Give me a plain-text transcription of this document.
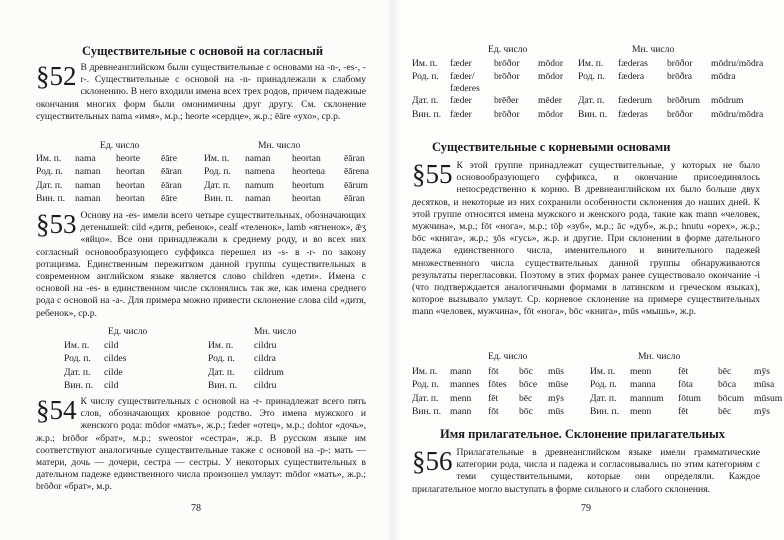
Существительные с основой на согласный
§52 В древнеанглийском были существительные с основами на -n-, -es-, -r-. Существительные с основой на -n- принадлежали к слабому склонению. В него входили имена всех трех родов, причем падежные окончания многих форм были омонимичны друг другу. См. склонение существительных nama «имя», м.р.; heorte «сердце», ж.р.; ēāre «ухо», ср.р.
Ед. число	Мн. число
Им. п.	nama	heorte	ēāre	Им. п.	naman	heortan	ēāran
Род. п.	naman	heortan	ēāran	Род. п.	namena	heortena	ēārena
Дат. п.	naman	heortan	ēāran	Дат. п.	namum	heortum	ēārum
Вин. п.	naman	heortan	ēāre	Вин. п.	naman	heortan	ēāran
§53 Основу на -es- имели всего четыре существительных, обозначающих детенышей: cild «дитя, ребенок», cealf «теленок», lamb «ягненок», ǣʒ «яйцо». Все они принадлежали к среднему роду, и во всех них согласный основообразующего суффикса перешел из -s- в -r- по закону ротацизма. Единственным пережитком данной группы существительных в современном английском языке является слово children «дети». Имена с основой на -es- в единственном числе склонялись так же, как имена среднего рода с основой на -а-. Для примера можно привести склонение слова cild «дитя, ребенок», ср.р.
Ед. число	Мн. число
Им. п.	cild	Им. п.	cildru
Род. п.	cildes	Род. п.	cildra
Дат. п.	cilde	Дат. п.	cildrum
Вин. п.	cild	Вин. п.	cildru
§54 К числу существительных с основой на -r- принадлежат всего пять слов, обозначающих кровное родство. Это имена мужского и женского рода: mōdor «мать», ж.р.; fæder «отец», м.р.; dohtor «дочь», ж.р.; brōðor «брат», м.р.; sweostor «сестра», ж.р. В русском языке им соответствуют аналогичные существительные также с основой на -р-: мать — матери, дочь — дочери, сестра — сестры. У некоторых существительных в дательном падеже единственного числа произошел умлаут: mōdor «мать», ж.р.; brōðor «брат», м.р.
78
Ед. число	Мн. число
Им. п.	fæder	brōðor	mōdor	Им. п.	fæderas	brōðor	mōdru/mōdra
Род. п.	fæder/ fæderes	brōðor	mōdor	Род. п.	fædera	brōðra	mōdra
Дат. п.	fæder	brēðer	mēder	Дат. п.	fæderum	brōðrum	mōdrum
Вин. п.	fæder	brōðor	mōdor	Вин. п.	fæderas	brōðor	mōdru/mōdra
Существительные с корневыми основами
§55 К этой группе принадлежат существительные, у которых не было основообразующего суффикса, и окончание присоединялось непосредственно к корню. В древнеанглийском их было больше двух десятков, и некоторые из них сохранили особенности склонения до наших дней. К этой группе относятся имена мужского и женского рода, такие как mann «человек, мужчина», м.р.; fōt «нога», м.р.; tōþ «зуб», м.р.; āc «дуб», ж.р.; hnutu «орех», ж.р.; bōc «книга», ж.р.; ʒōs «гусь», ж.р. и другие. При склонении в форме дательного падежа единственного числа, именительного и винительного падежей множественного числа существительных данной группы обнаруживаются результаты перегласовки. Поэтому в этих формах ранее существовало окончание -i (что подтверждается аналогичными формами в латинском и греческом языках), которое вызывало умлаут. Ср. корневое склонение на примере существительных mann «человек, мужчина», fōt «нога», bōc «книга», mūs «мышь», ж.р.
Ед. число	Мн. число
Им. п.	mann	fōt	bōc	mūs	Им. п.	menn	fēt	bēc	mȳs
Род. п.	mannes	fōtes	bōce	mūse	Род. п.	manna	fōta	bōca	mūsa
Дат. п.	menn	fēt	bēc	mȳs	Дат. п.	mannum	fōtum	bōcum	mūsum
Вин. п.	mann	fōt	bōc	mūs	Вин. п.	menn	fēt	bēc	mȳs
Имя прилагательное. Склонение прилагательных
§56 Прилагательные в древнеанглийском языке имели грамматические категории рода, числа и падежа и согласовывались по этим категориям с теми существительными, которые они определяли. Каждое прилагательное могло выступать в форме сильного и слабого склонения.
79
